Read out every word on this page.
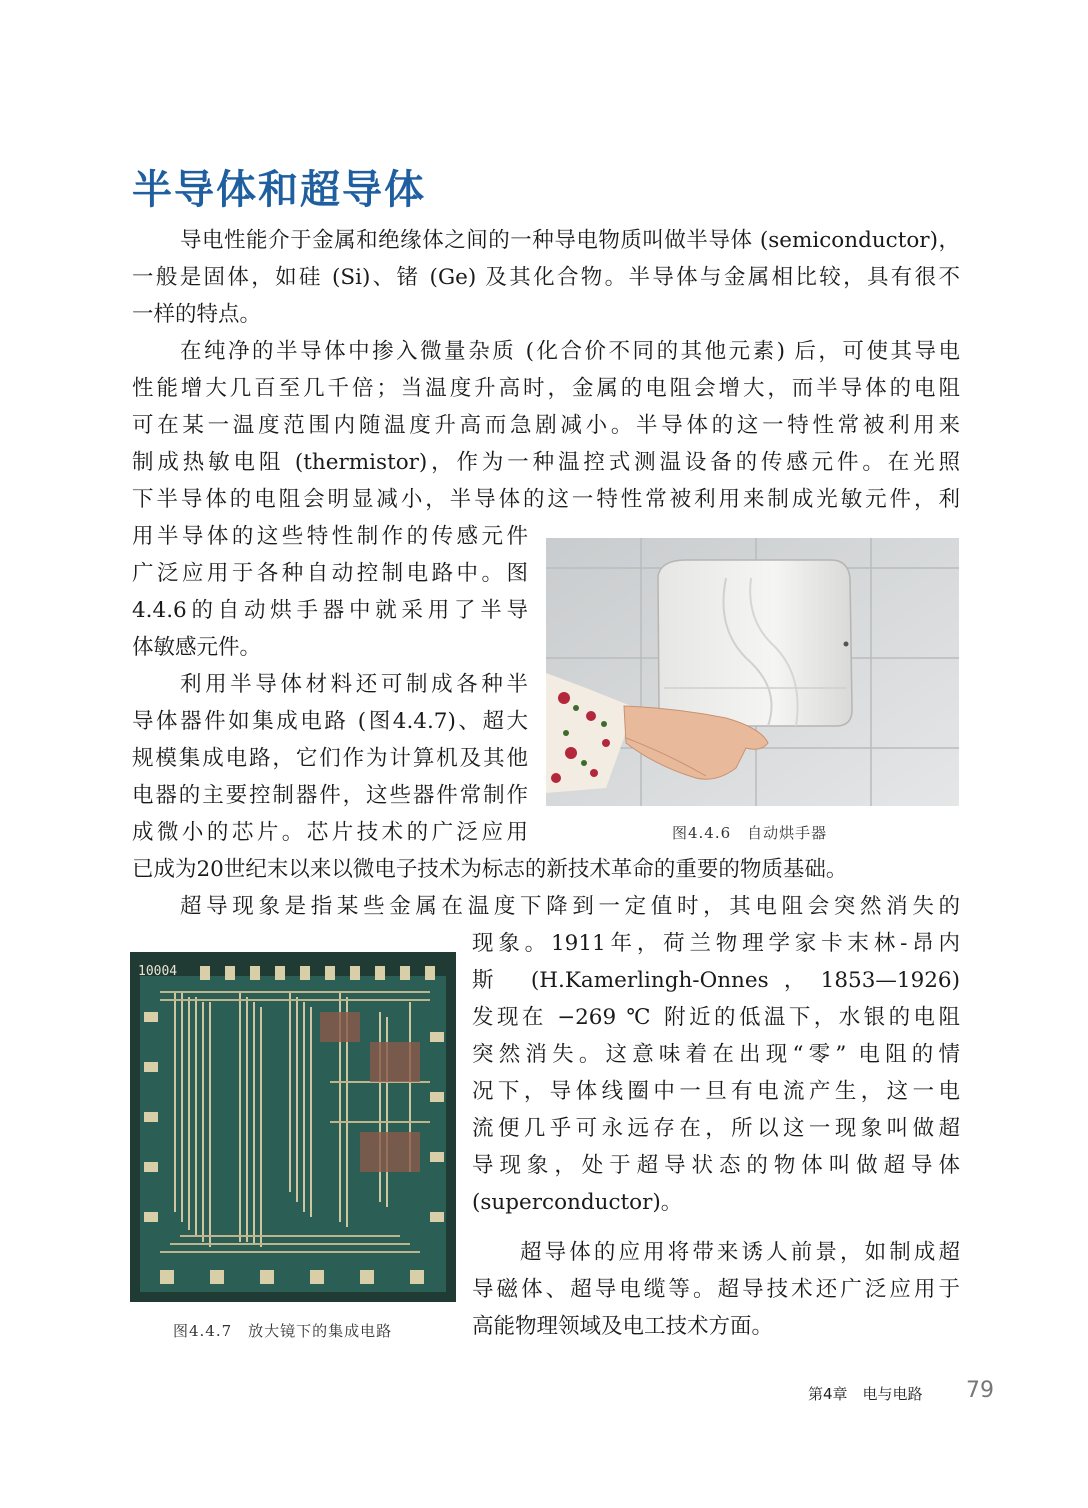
半导体和超导体
导电性能介于金属和绝缘体之间的一种导电物质叫做半导体 (semiconductor)，
一般是固体，如硅 (Si)、锗 (Ge) 及其化合物。半导体与金属相比较，具有很不
一样的特点。
在纯净的半导体中掺入微量杂质 (化合价不同的其他元素) 后，可使其导电
性能增大几百至几千倍；当温度升高时，金属的电阻会增大，而半导体的电阻
可在某一温度范围内随温度升高而急剧减小。半导体的这一特性常被利用来
制成热敏电阻 (thermistor)，作为一种温控式测温设备的传感元件。在光照
下半导体的电阻会明显减小，半导体的这一特性常被利用来制成光敏元件，利
用半导体的这些特性制作的传感元件
广泛应用于各种自动控制电路中。图
4.4.6的自动烘手器中就采用了半导
体敏感元件。
利用半导体材料还可制成各种半
导体器件如集成电路 (图4.4.7)、超大
规模集成电路，它们作为计算机及其他
电器的主要控制器件，这些器件常制作
成微小的芯片。芯片技术的广泛应用
已成为20世纪末以来以微电子技术为标志的新技术革命的重要的物质基础。
超导现象是指某些金属在温度下降到一定值时，其电阻会突然消失的
现象。1911年，荷兰物理学家卡末林-昂内
斯 (H.Kamerlingh-Onnes，1853—1926)
发现在 −269 ℃ 附近的低温下，水银的电阻
突然消失。这意味着在出现“零” 电阻的情
况下，导体线圈中一旦有电流产生，这一电
流便几乎可永远存在，所以这一现象叫做超
导现象，处于超导状态的物体叫做超导体
(superconductor)。
超导体的应用将带来诱人前景，如制成超
导磁体、超导电缆等。超导技术还广泛应用于
高能物理领域及电工技术方面。
图4.4.6　自动烘手器
10004
图4.4.7　放大镜下的集成电路
第4章　电与电路 79
